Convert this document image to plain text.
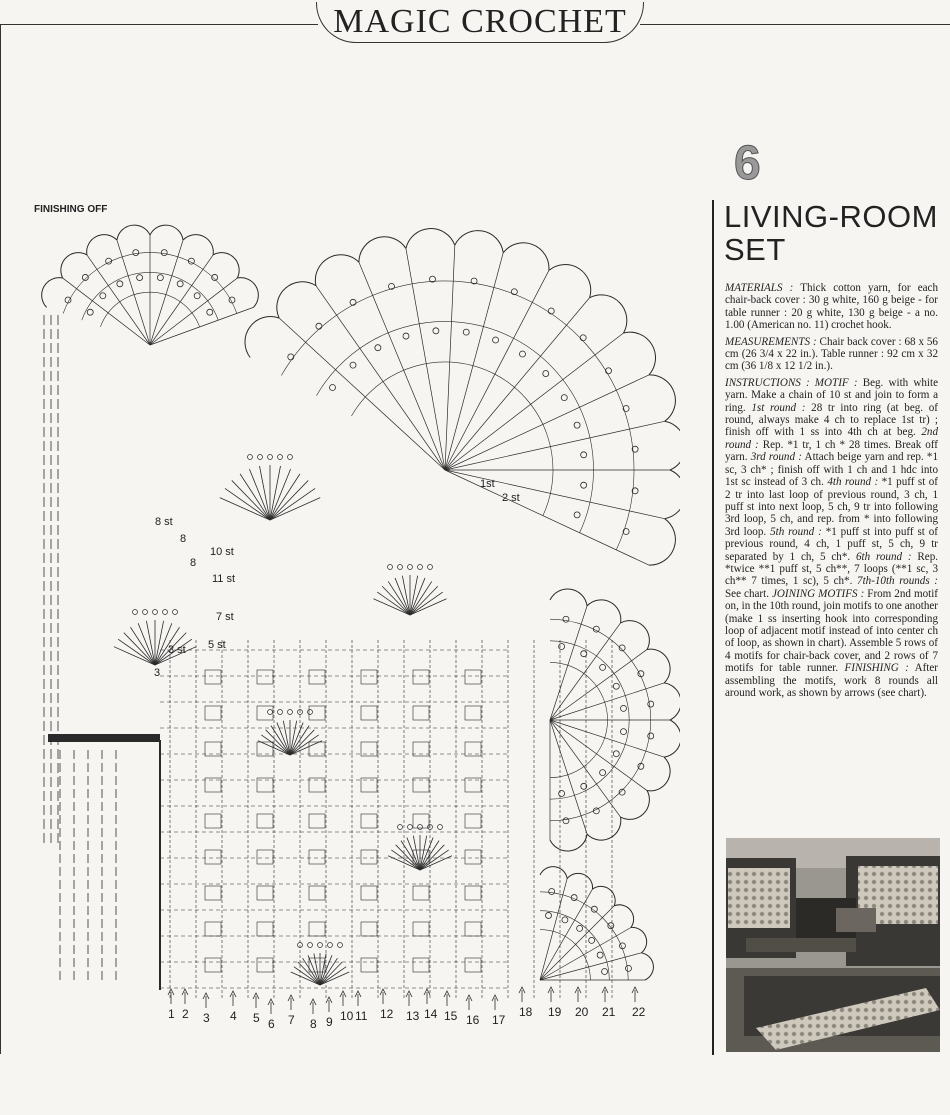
MAGIC CROCHET
FINISHING OFF
1 2 3 4 5 6 7 8 9 10 11 12 13 14 15 16 17
18 19 20 21 22
8 st
8
8
10 st
11 st
7 st
5 st
3 st
3
1st
2 st
6
LIVING-ROOM
SET

MATERIALS : Thick cotton yarn, for each chair-back cover : 30 g white, 160 g beige - for table runner : 20 g white, 130 g beige - a no. 1.00 (American no. 11) crochet hook.

MEASUREMENTS : Chair back cover : 68 x 56 cm (26 3/4 x 22 in.). Table runner : 92 cm x 32 cm (36 1/8 x 12 1/2 in.).

INSTRUCTIONS : MOTIF : Beg. with white yarn. Make a chain of 10 st and join to form a ring. 1st round : 28 tr into ring (at beg. of round, always make 4 ch to replace 1st tr) ; finish off with 1 ss into 4th ch at beg. 2nd round : Rep. *1 tr, 1 ch * 28 times. Break off yarn. 3rd round : Attach beige yarn and rep. *1 sc, 3 ch* ; finish off with 1 ch and 1 hdc into 1st sc instead of 3 ch. 4th round : *1 puff st of 2 tr into last loop of previous round, 3 ch, 1 puff st into next loop, 5 ch, 9 tr into following 3rd loop, 5 ch, and rep. from * into following 3rd loop. 5th round : *1 puff st into puff st of previous round, 4 ch, 1 puff st, 5 ch, 9 tr separated by 1 ch, 5 ch*. 6th round : Rep. *twice **1 puff st, 5 ch**, 7 loops (**1 sc, 3 ch** 7 times, 1 sc), 5 ch*. 7th-10th rounds : See chart. JOINING MOTIFS : From 2nd motif on, in the 10th round, join motifs to one another (make 1 ss inserting hook into corresponding loop of adjacent motif instead of into center ch of loop, as shown in chart). Assemble 5 rows of 4 motifs for chair-back cover, and 2 rows of 7 motifs for table runner. FINISHING : After assembling the motifs, work 8 rounds all around work, as shown by arrows (see chart).
